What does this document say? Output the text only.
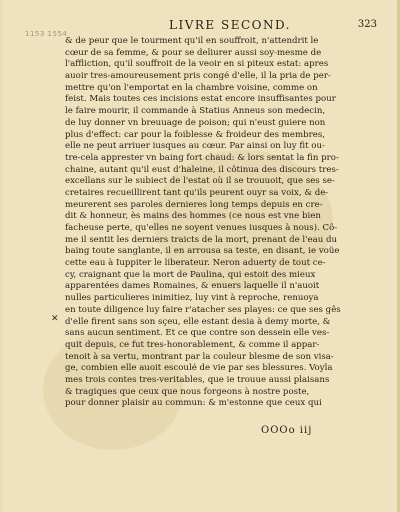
1153 1554
LIVRE SECOND.	323
✕
& de peur que le tourment qu'il en souffroit, n'attendrit le
cœur de sa femme, & pour se deliurer aussi soy-mesme de
l'affliction, qu'il souffroit de la veoir en si piteux estat: apres
auoir tres-amoureusement pris congé d'elle, il la pria de per-
mettre qu'on l'emportat en la chambre voisine, comme on
feist. Mais toutes ces incisions estat encore insuffisantes pour
le faire mourir, il commande à Statius Anneus son medecin,
de luy donner vn breuuage de poison; qui n'eust guiere non
plus d'effect: car pour la foiblesse & froideur des membres,
elle ne peut arriuer iusques au cœur. Par ainsi on luy fit ou-
tre-cela apprester vn baing fort chaud: & lors sentat la fin pro-
chaine, autant qu'il eust d'haleine, il côtinua des discours tres-
excellans sur le subiect de l'estat où il se trouuoit, que ses se-
cretaires recueillirent tant qu'ils peurent ouyr sa voix, & de-
meurerent ses paroles dernieres long temps depuis en cre-
dit & honneur, ès mains des hommes (ce nous est vne bien
facheuse perte, qu'elles ne soyent venues iusques à nous). Cô-
me il sentit les derniers traicts de la mort, prenant de l'eau du
baing toute sanglante, il en arrousa sa teste, en disant, ie voüe
cette eau à Iuppiter le liberateur. Neron aduerty de tout ce-
cy, craignant que la mort de Paulina, qui estoit des mieux
apparentées dames Romaines, & enuers laquelle il n'auoit
nulles particulieres inimitiez, luy vint à reproche, renuoya
en toute diligence luy faire r'atacher ses playes: ce que ses gês
d'elle firent sans son sçeu, elle estant desia à demy morte, &
sans aucun sentiment. Et ce que contre son dessein elle ves-
quit depuis, ce fut tres-honorablement, & comme il appar-
tenoit à sa vertu, montrant par la couleur blesme de son visa-
ge, combien elle auoit escoulé de vie par ses blessures. Voyla
mes trois contes tres-veritables, que ie trouue aussi plaisans
& tragiques que ceux que nous forgeons à nostre poste,
pour donner plaisir au commun: & m'estonne que ceux qui
OOOo iij
